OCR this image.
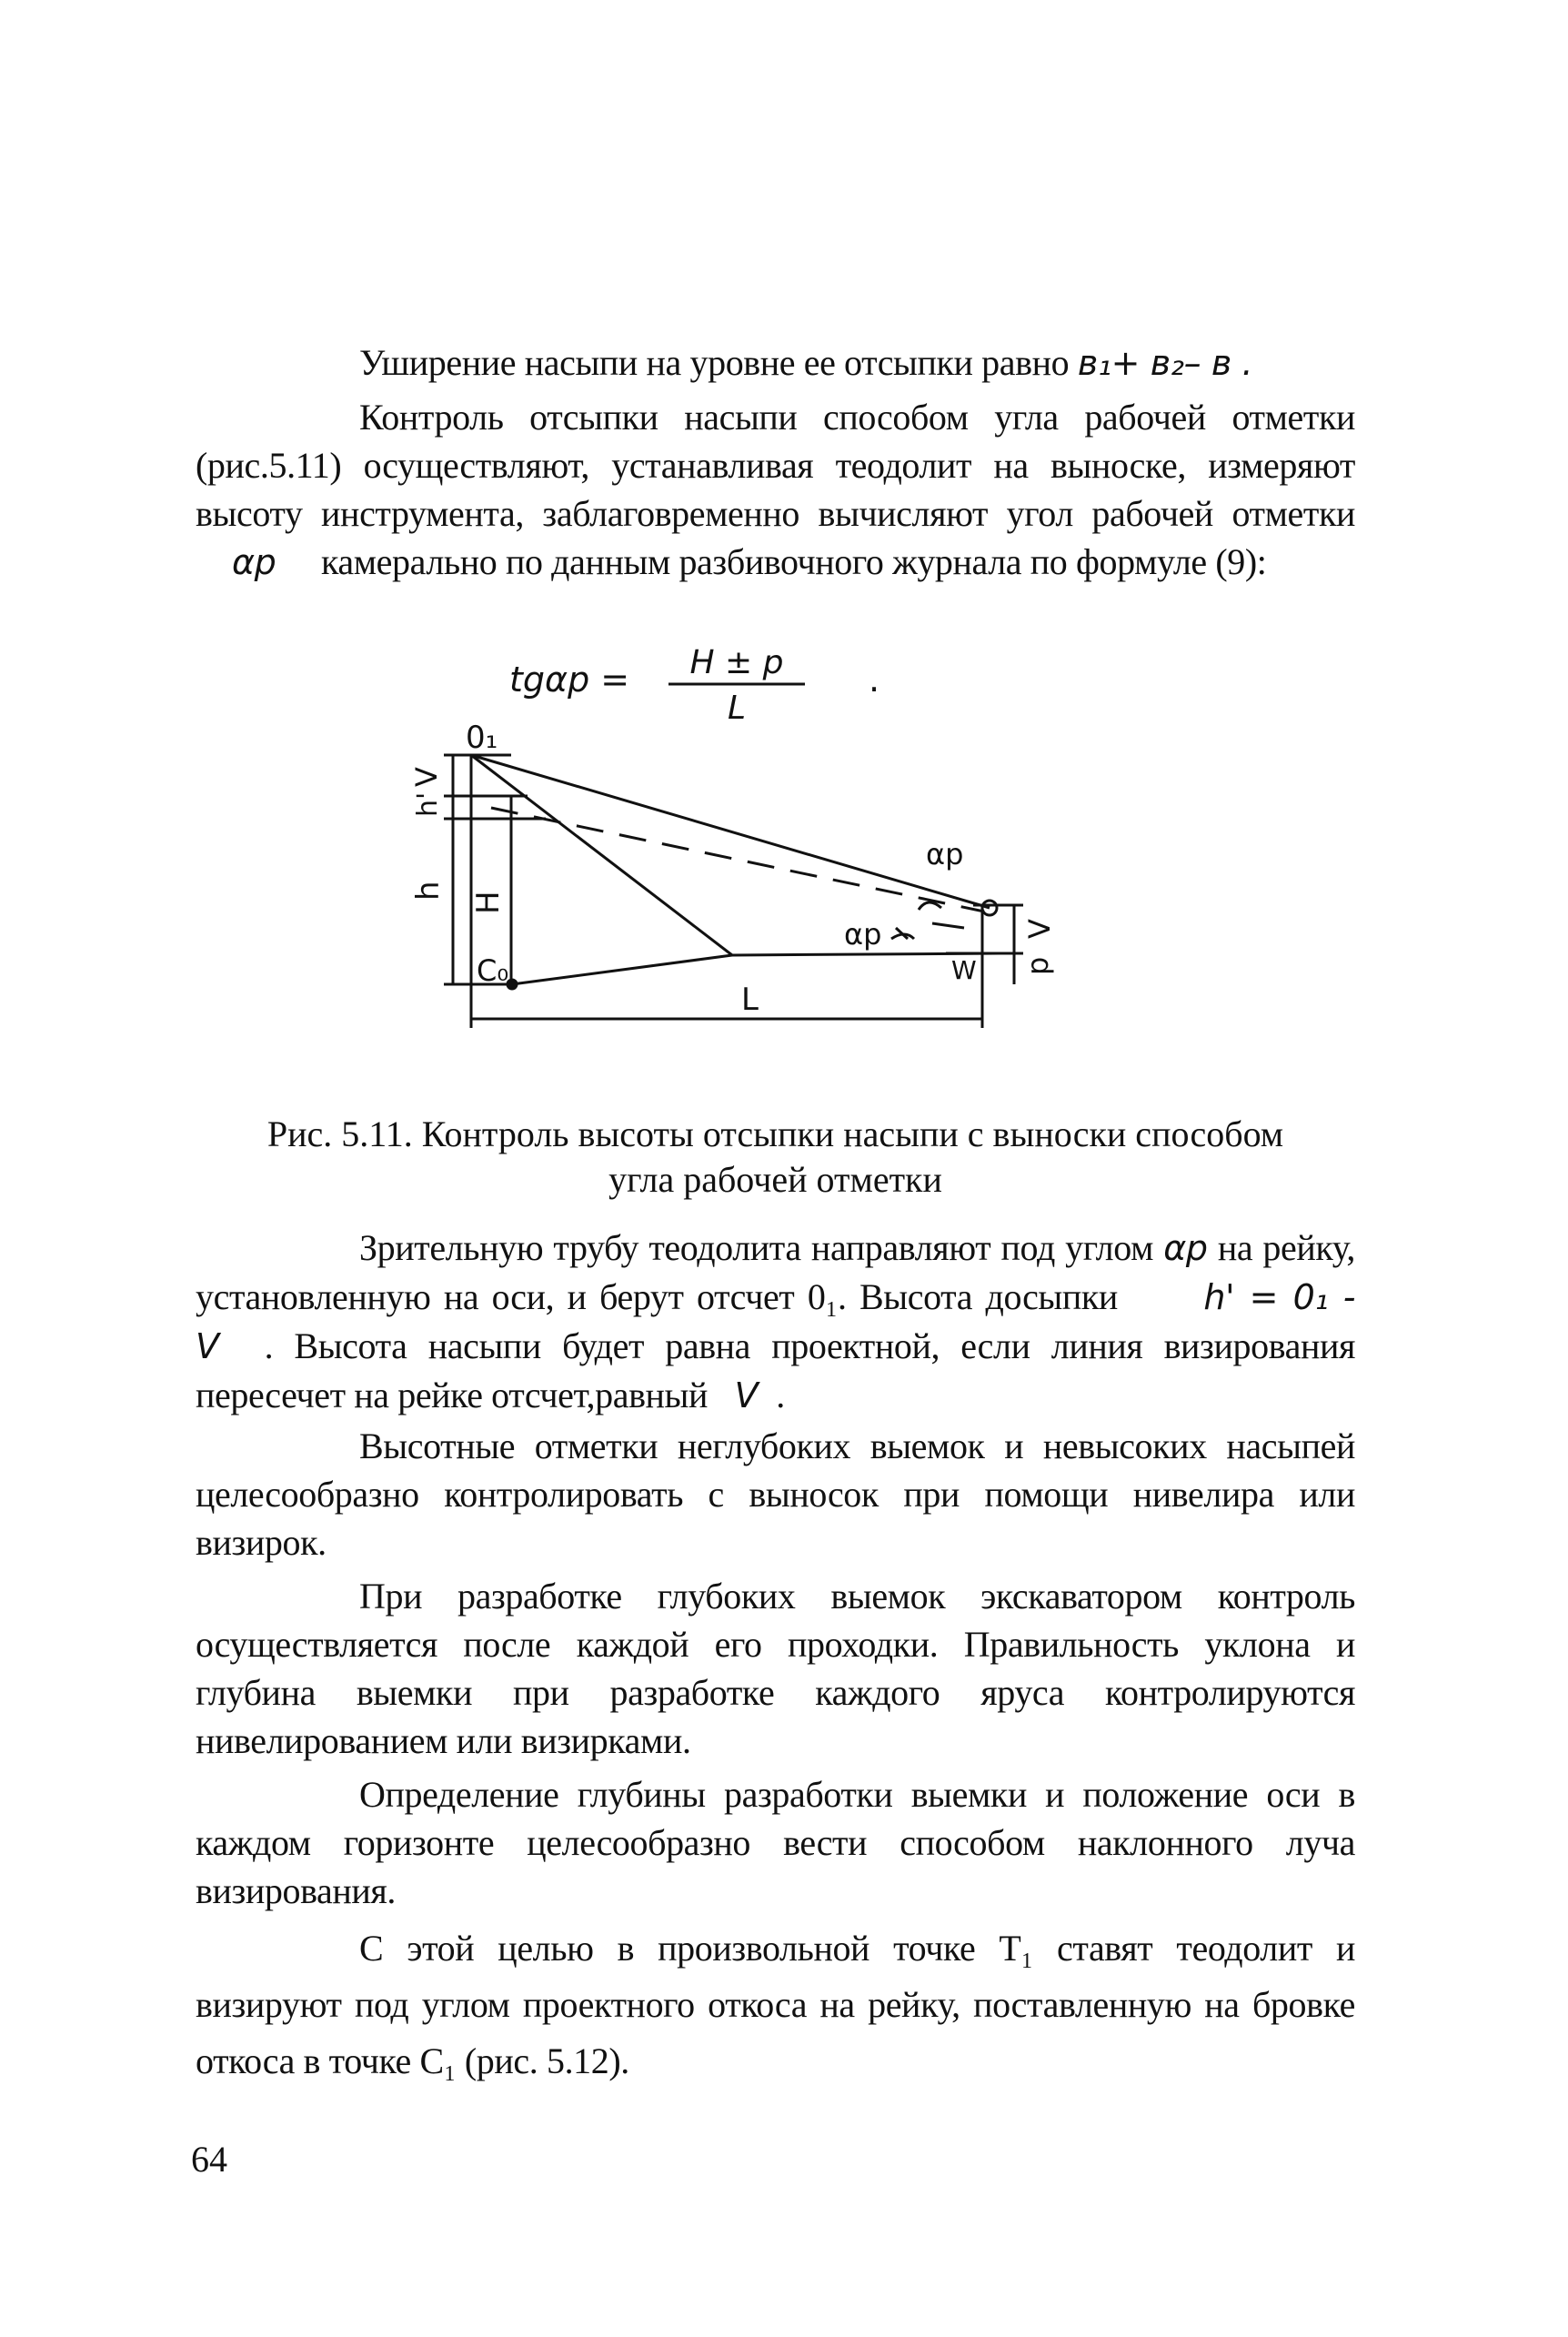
Уширение насыпи на уровне ее отсыпки равно в₁+ в₂– в .

Контроль отсыпки насыпи способом угла рабочей отметки (рис.5.11) осуществляют, устанавливая теодолит на выноске, измеряют высоту инструмента, заблаговременно вычисляют угол рабочей отметки αp камерально по данным разбивочного журнала по формуле (9):

tgαp = H ± p
L
.
0₁
V
h'
h
H
C₀
αp
αp
W
V
p
L
Рис. 5.11. Контроль высоты отсыпки насыпи с выноски способом
угла рабочей отметки

Зрительную трубу теодолита направляют под углом αp на рейку, установленную на оси, и берут отсчет 0₁. Высота досыпки h' = 0₁ - V . Высота насыпи будет равна проектной, если линия визирования пересечет на рейке отсчет,равный V .

Высотные отметки неглубоких выемок и невысоких насыпей целесообразно контролировать с выносок при помощи нивелира или визирок.

При разработке глубоких выемок экскаватором контроль осуществляется после каждой его проходки. Правильность уклона и глубина выемки при разработке каждого яруса контролируются нивелированием или визирками.

Определение глубины разработки выемки и положение оси в каждом горизонте целесообразно вести способом наклонного луча визирования.

С этой целью в произвольной точке T₁ ставят теодолит и визируют под углом проектного откоса на рейку, поставленную на бровке откоса в точке C₁ (рис. 5.12).

64
